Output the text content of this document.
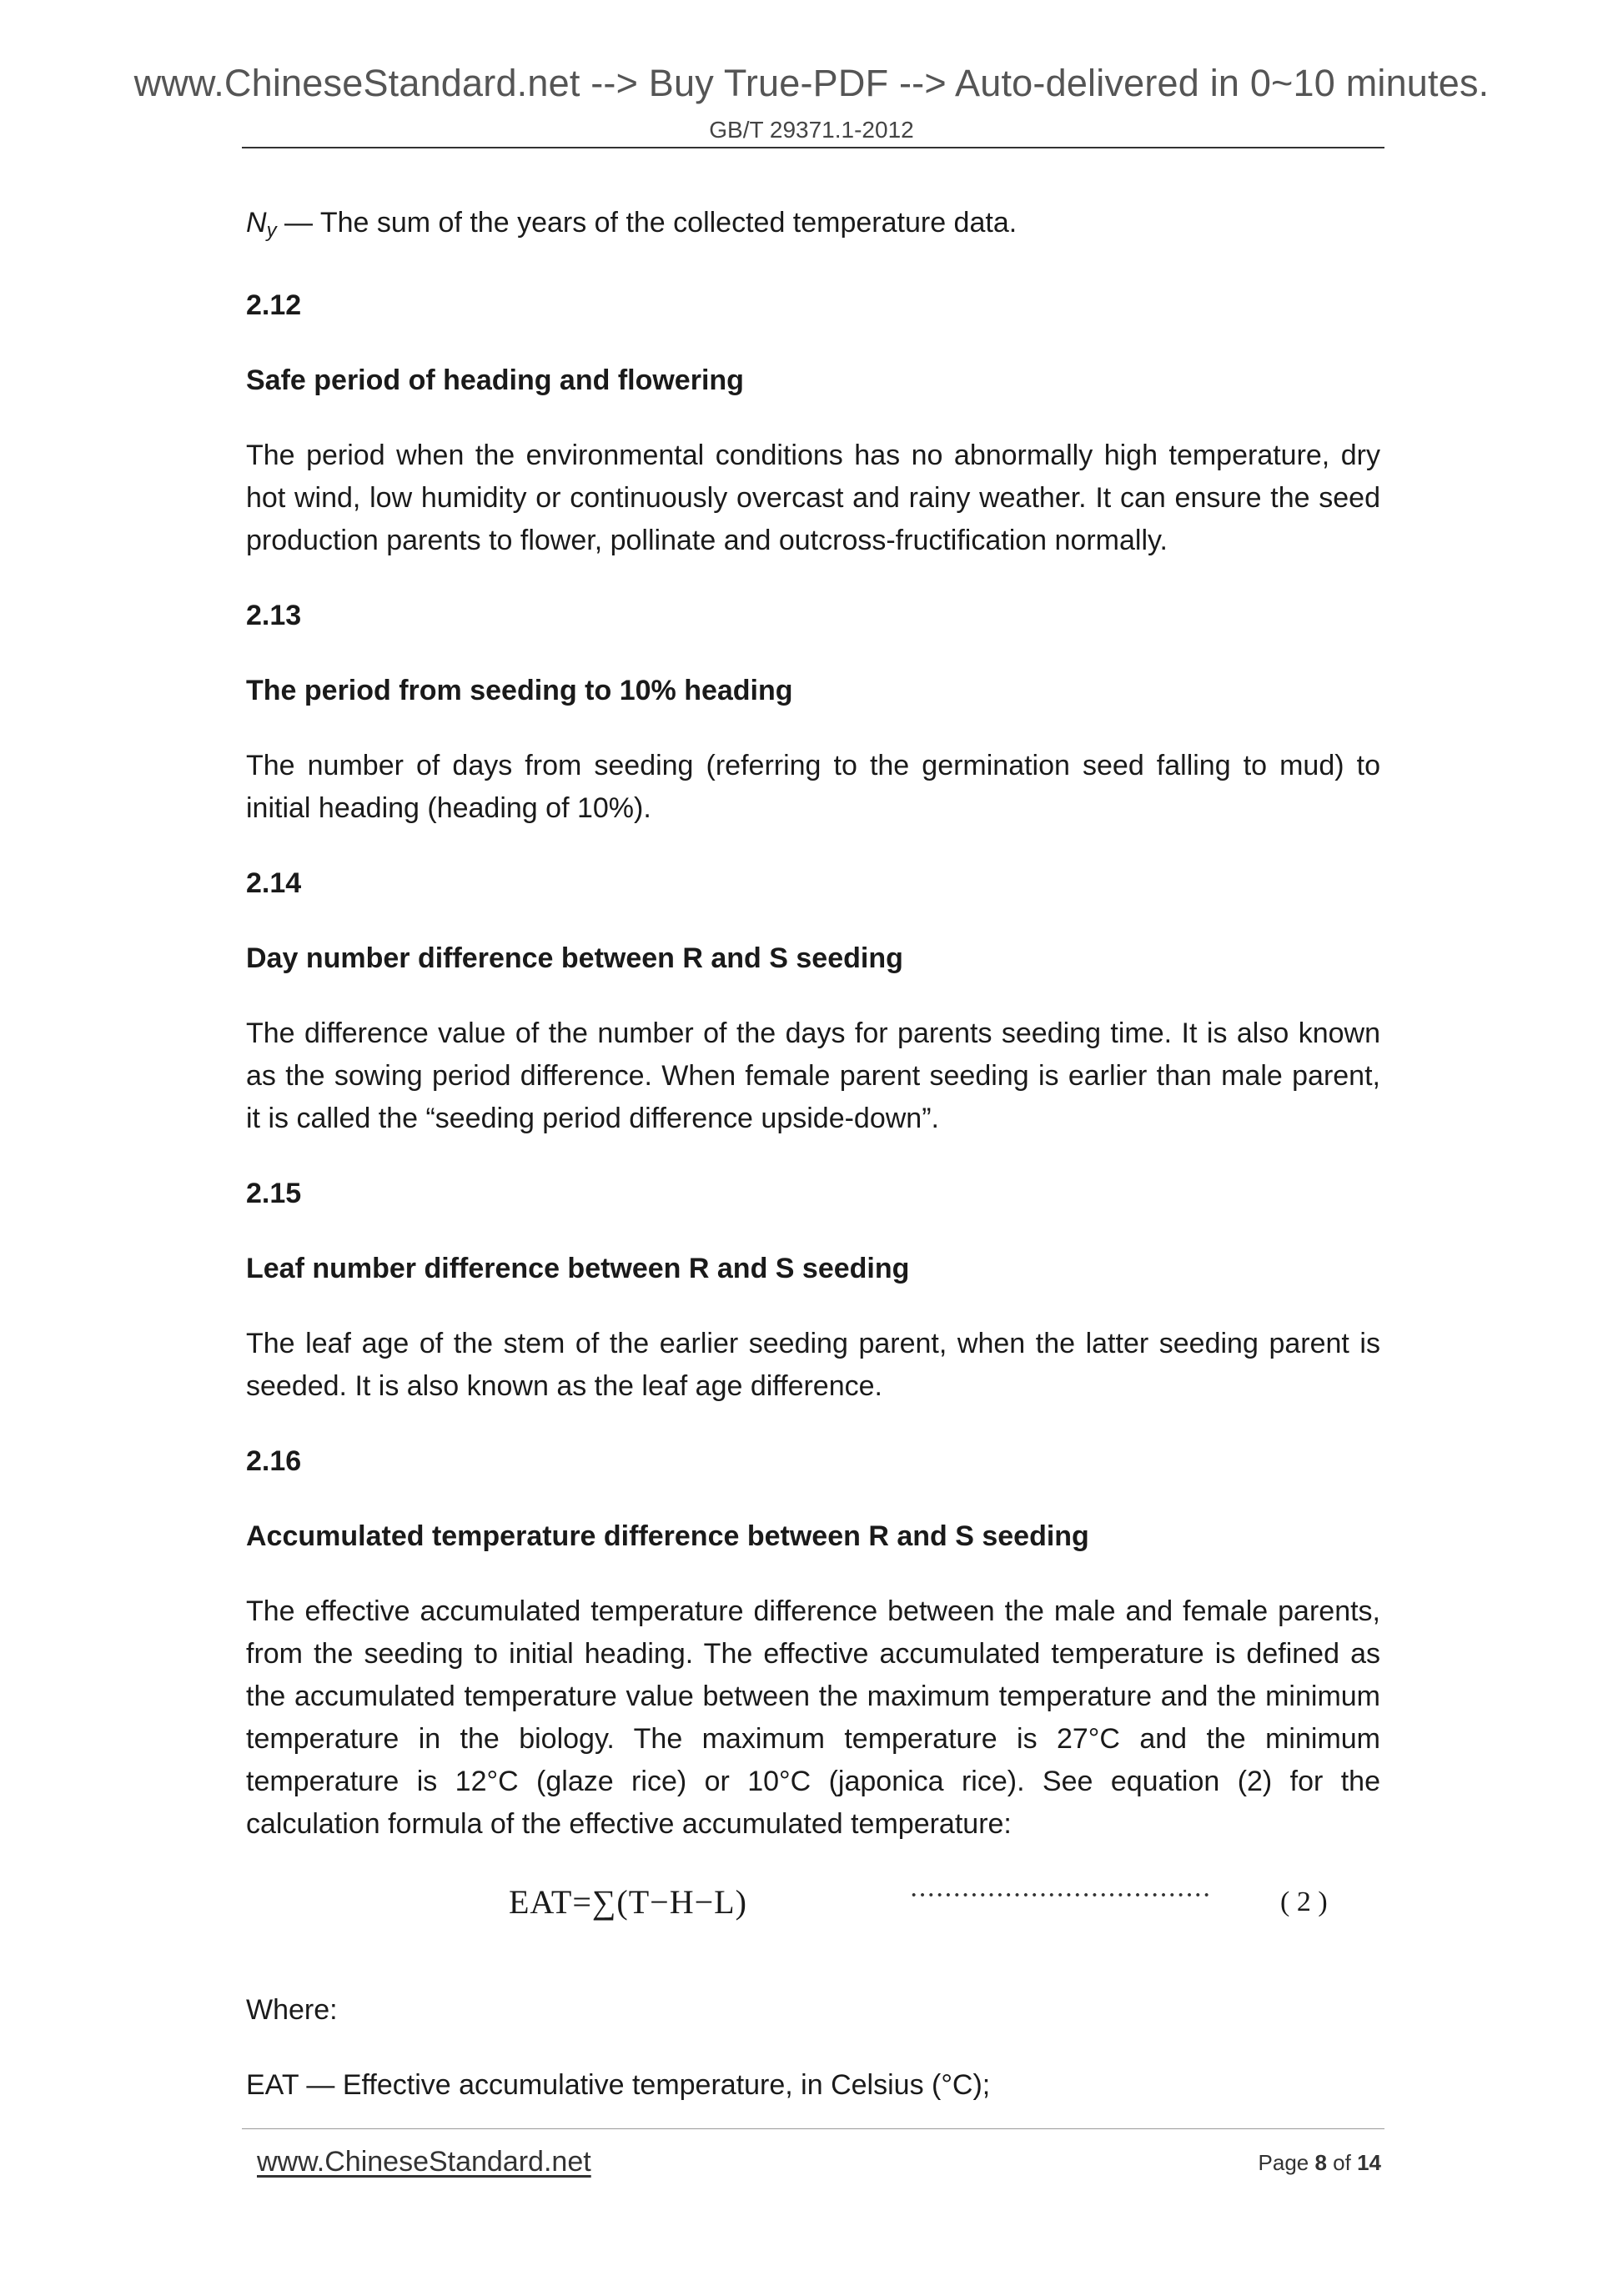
www.ChineseStandard.net --> Buy True-PDF --> Auto-delivered in 0~10 minutes.
GB/T 29371.1-2012

$N_y$ — The sum of the years of the collected temperature data.

2.12

Safe period of heading and flowering

The period when the environmental conditions has no abnormally high temperature, dry hot wind, low humidity or continuously overcast and rainy weather. It can ensure the seed production parents to flower, pollinate and outcross-fructification normally.

2.13

The period from seeding to 10% heading

The number of days from seeding (referring to the germination seed falling to mud) to initial heading (heading of 10%).

2.14

Day number difference between R and S seeding

The difference value of the number of the days for parents seeding time. It is also known as the sowing period difference. When female parent seeding is earlier than male parent, it is called the “seeding period difference upside-down”.

2.15

Leaf number difference between R and S seeding

The leaf age of the stem of the earlier seeding parent, when the latter seeding parent is seeded. It is also known as the leaf age difference.

2.16

Accumulated temperature difference between R and S seeding

The effective accumulated temperature difference between the male and female parents, from the seeding to initial heading. The effective accumulated temperature is defined as the accumulated temperature value between the maximum temperature and the minimum temperature in the biology. The maximum temperature is 27°C and the minimum temperature is 12°C (glaze rice) or 10°C (japonica rice). See equation (2) for the calculation formula of the effective accumulated temperature:

EAT=∑(T−H−L)	··································· ( 2 )

Where:

EAT — Effective accumulative temperature, in Celsius (°C);

www.ChineseStandard.net	Page 8 of 14
